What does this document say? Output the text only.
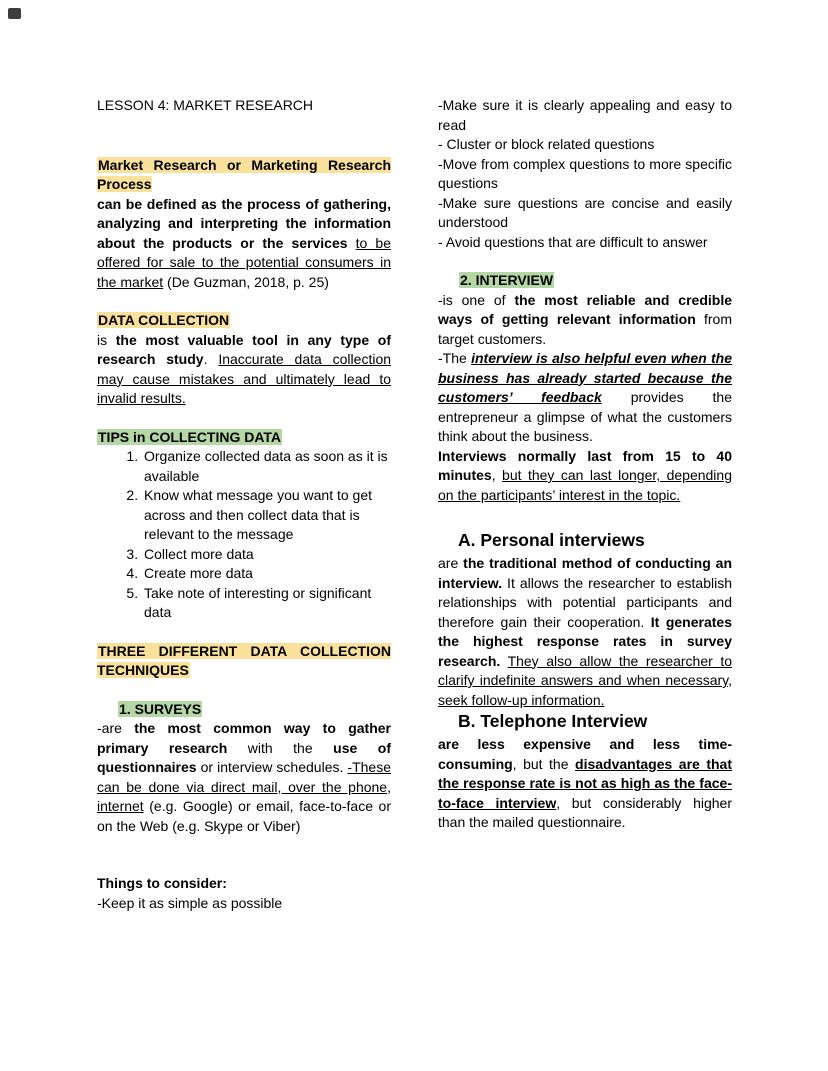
LESSON 4: MARKET RESEARCH
Market Research or Marketing Research Process
can be defined as the process of gathering, analyzing and interpreting the information about the products or the services to be offered for sale to the potential consumers in the market (De Guzman, 2018, p. 25)
DATA COLLECTION
is the most valuable tool in any type of research study. Inaccurate data collection may cause mistakes and ultimately lead to invalid results.
TIPS in COLLECTING DATA
1. Organize collected data as soon as it is available
2. Know what message you want to get across and then collect data that is relevant to the message
3. Collect more data
4. Create more data
5. Take note of interesting or significant data
THREE DIFFERENT DATA COLLECTION TECHNIQUES
1. SURVEYS
-are the most common way to gather primary research with the use of questionnaires or interview schedules. -These can be done via direct mail, over the phone, internet (e.g. Google) or email, face-to-face or on the Web (e.g. Skype or Viber)
Things to consider:
-Keep it as simple as possible
-Make sure it is clearly appealing and easy to read
- Cluster or block related questions
-Move from complex questions to more specific questions
-Make sure questions are concise and easily understood
- Avoid questions that are difficult to answer
2. INTERVIEW
-is one of the most reliable and credible ways of getting relevant information from target customers.
-The interview is also helpful even when the business has already started because the customers’ feedback provides the entrepreneur a glimpse of what the customers think about the business.
Interviews normally last from 15 to 40 minutes, but they can last longer, depending on the participants’ interest in the topic.
A. Personal interviews
are the traditional method of conducting an interview. It allows the researcher to establish relationships with potential participants and therefore gain their cooperation. It generates the highest response rates in survey research. They also allow the researcher to clarify indefinite answers and when necessary, seek follow-up information.
B. Telephone Interview
are less expensive and less time-consuming, but the disadvantages are that the response rate is not as high as the face-to-face interview, but considerably higher than the mailed questionnaire.
